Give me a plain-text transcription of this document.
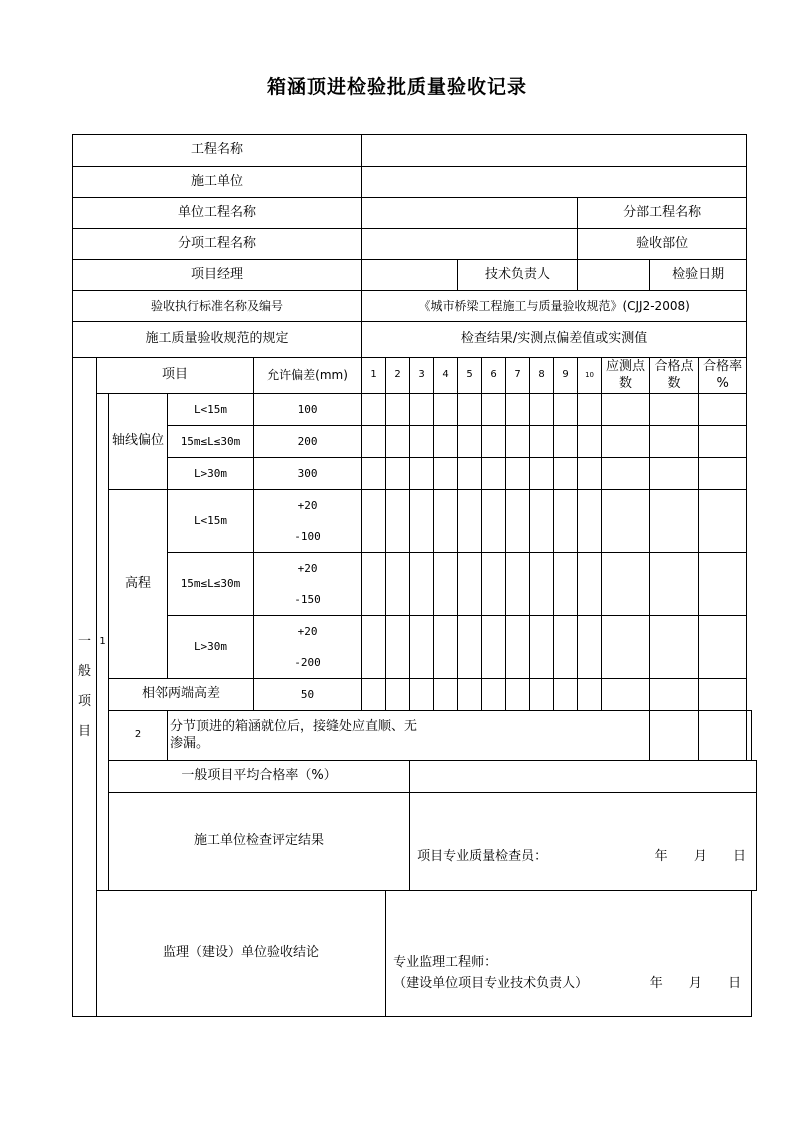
箱涵顶进检验批质量验收记录
工程名称																		
施工单位																		
单位工程名称														分部工程名称				
分项工程名称														验收部位				
项目经理									技术负责人							检验日期		
验收执行标准名称及编号					《城市桥梁工程施工与质量验收规范》(CJJ2-2008)													
施工质量验收规范的规定					检查结果/实测点偏差值或实测值													
一般项目	项目			允许偏差(mm)	1	2	3	4	5	6	7	8	9	10	应测点数	合格点数	合格率 %	
	1	轴线偏位	L<15m	100														
			15m≤L≤30m	200														
			L>30m	300														
		高程	L<15m	+20
-100														

			15m≤L≤30m	+20
-150														

			L>30m	+20
-200														

		相邻两端高差		50														
		2	分节顶进的箱涵就位后，接缝处应直顺、无渗漏。															

		一般项目平均合格率（%）																
		施工单位检查评定结果					项目专业质量检查员： 年 月 日											

	监理（建设）单位验收结论					专业监理工程师：
（建设单位项目专业技术负责人） 年 月 日												
